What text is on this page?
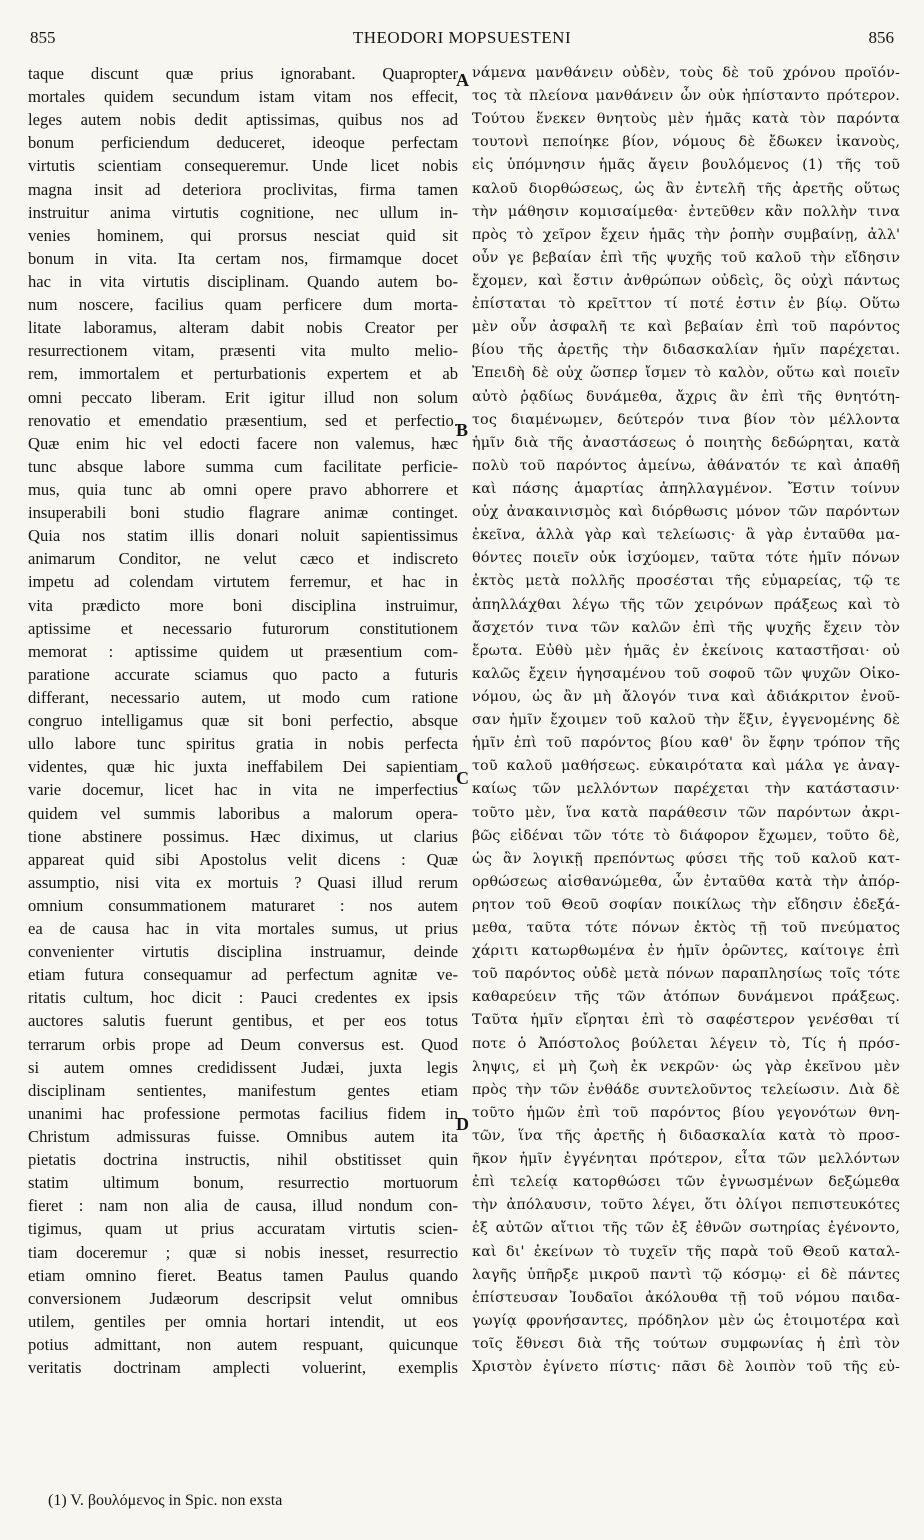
855	THEODORI MOPSUESTENI	856
taque discunt quæ prius ignorabant. Quapropter
mortales quidem secundum istam vitam nos effecit,
leges autem nobis dedit aptissimas, quibus nos ad
bonum perficiendum deduceret, ideoque perfectam
virtutis scientiam consequeremur. Unde licet nobis
magna insit ad deteriora proclivitas, firma tamen
instruitur anima virtutis cognitione, nec ullum in-
venies hominem, qui prorsus nesciat quid sit
bonum in vita. Ita certam nos, firmamque docet
hac in vita virtutis disciplinam. Quando autem bo-
num noscere, facilius quam perficere dum morta-
litate laboramus, alteram dabit nobis Creator per
resurrectionem vitam, præsenti vita multo melio-
rem, immortalem et perturbationis expertem et ab
omni peccato liberam. Erit igitur illud non solum
renovatio et emendatio præsentium, sed et perfectio.
Quæ enim hic vel edocti facere non valemus, hæc
tunc absque labore summa cum facilitate perficie-
mus, quia tunc ab omni opere pravo abhorrere et
insuperabili boni studio flagrare animæ continget.
Quia nos statim illis donari noluit sapientissimus
animarum Conditor, ne velut cæco et indiscreto
impetu ad colendam virtutem ferremur, et hac in
vita prædicto more boni disciplina instruimur,
aptissime et necessario futurorum constitutionem
memorat : aptissime quidem ut præsentium com-
paratione accurate sciamus quo pacto a futuris
differant, necessario autem, ut modo cum ratione
congruo intelligamus quæ sit boni perfectio, absque
ullo labore tunc spiritus gratia in nobis perfecta
videntes, quæ hic juxta ineffabilem Dei sapientiam
varie docemur, licet hac in vita ne imperfectius
quidem vel summis laboribus a malorum opera-
tione abstinere possimus. Hæc diximus, ut clarius
appareat quid sibi Apostolus velit dicens : Quæ
assumptio, nisi vita ex mortuis ? Quasi illud rerum
omnium consummationem maturaret : nos autem
ea de causa hac in vita mortales sumus, ut prius
convenienter virtutis disciplina instruamur, deinde
etiam futura consequamur ad perfectum agnitæ ve-
ritatis cultum, hoc dicit : Pauci credentes ex ipsis
auctores salutis fuerunt gentibus, et per eos totus
terrarum orbis prope ad Deum conversus est. Quod
si autem omnes credidissent Judæi, juxta legis
disciplinam sentientes, manifestum gentes etiam
unanimi hac professione permotas facilius fidem in
Christum admissuras fuisse. Omnibus autem ita
pietatis doctrina instructis, nihil obstitisset quin
statim ultimum bonum, resurrectio mortuorum
fieret : nam non alia de causa, illud nondum con-
tigimus, quam ut prius accuratam virtutis scien-
tiam doceremur ; quæ si nobis inesset, resurrectio
etiam omnino fieret. Beatus tamen Paulus quando
conversionem Judæorum descripsit velut omnibus
utilem, gentiles per omnia hortari intendit, ut eos
potius admittant, non autem respuant, quicunque
veritatis doctrinam amplecti voluerint, exemplis
νάμενα μανθάνειν οὐδὲν, τοὺς δὲ τοῦ χρόνου προϊόν-
τος τὰ πλείονα μανθάνειν ὧν οὐκ ἠπίσταντο πρότερον.
Τούτου ἕνεκεν θνητοὺς μὲν ἡμᾶς κατὰ τὸν παρόντα
τουτονὶ πεποίηκε βίον, νόμους δὲ ἔδωκεν ἱκανοὺς,
εἰς ὑπόμνησιν ἡμᾶς ἄγειν βουλόμενος (1) τῆς τοῦ
καλοῦ διορθώσεως, ὡς ἂν ἐντελῆ τῆς ἀρετῆς οὕτως
τὴν μάθησιν κομισαίμεθα· ἐντεῦθεν κἂν πολλὴν τινα
πρὸς τὸ χεῖρον ἔχειν ἡμᾶς τὴν ῥοπὴν συμβαίνῃ, ἀλλ'
οὖν γε βεβαίαν ἐπὶ τῆς ψυχῆς τοῦ καλοῦ τὴν εἴδησιν
ἔχομεν, καὶ ἔστιν ἀνθρώπων οὐδεὶς, ὃς οὐχὶ πάντως
ἐπίσταται τὸ κρεῖττον τί ποτέ ἐστιν ἐν βίῳ. Οὕτω
μὲν οὖν ἀσφαλῆ τε καὶ βεβαίαν ἐπὶ τοῦ παρόντος
βίου τῆς ἀρετῆς τὴν διδασκαλίαν ἡμῖν παρέχεται.
Ἐπειδὴ δὲ οὐχ ὥσπερ ἴσμεν τὸ καλὸν, οὕτω καὶ ποιεῖν
αὐτὸ ῥᾳδίως δυνάμεθα, ἄχρις ἂν ἐπὶ τῆς θνητότη-
τος διαμένωμεν, δεύτερόν τινα βίον τὸν μέλλοντα
ἡμῖν διὰ τῆς ἀναστάσεως ὁ ποιητὴς δεδώρηται, κατὰ
πολὺ τοῦ παρόντος ἀμείνω, ἀθάνατόν τε καὶ ἀπαθῆ
καὶ πάσης ἁμαρτίας ἀπηλλαγμένον. Ἔστιν τοίνυν
οὐχ ἀνακαινισμὸς καὶ διόρθωσις μόνον τῶν παρόντων
ἐκεῖνα, ἀλλὰ γὰρ καὶ τελείωσις· ἃ γὰρ ἐνταῦθα μα-
θόντες ποιεῖν οὐκ ἰσχύομεν, ταῦτα τότε ἡμῖν πόνων
ἐκτὸς μετὰ πολλῆς προσέσται τῆς εὐμαρείας, τῷ τε
ἀπηλλάχθαι λέγω τῆς τῶν χειρόνων πράξεως καὶ τὸ
ἄσχετόν τινα τῶν καλῶν ἐπὶ τῆς ψυχῆς ἔχειν τὸν
ἔρωτα. Εὐθὺ μὲν ἡμᾶς ἐν ἐκείνοις καταστῆσαι· οὐ
καλῶς ἔχειν ἡγησαμένου τοῦ σοφοῦ τῶν ψυχῶν Οἰκο-
νόμου, ὡς ἂν μὴ ἄλογόν τινα καὶ ἀδιάκριτον ἐνοῦ-
σαν ἡμῖν ἔχοιμεν τοῦ καλοῦ τὴν ἕξιν, ἐγγενομένης δὲ
ἡμῖν ἐπὶ τοῦ παρόντος βίου καθ' ὃν ἔφην τρόπον τῆς
τοῦ καλοῦ μαθήσεως. εὐκαιρότατα καὶ μάλα γε ἀναγ-
καίως τῶν μελλόντων παρέχεται τὴν κατάστασιν·
τοῦτο μὲν, ἵνα κατὰ παράθεσιν τῶν παρόντων ἀκρι-
βῶς εἰδέναι τῶν τότε τὸ διάφορον ἔχωμεν, τοῦτο δὲ,
ὡς ἂν λογικῇ πρεπόντως φύσει τῆς τοῦ καλοῦ κατ-
ορθώσεως αἰσθανώμεθα, ὧν ἐνταῦθα κατὰ τὴν ἀπόρ-
ρητον τοῦ Θεοῦ σοφίαν ποικίλως τὴν εἴδησιν ἐδεξά-
μεθα, ταῦτα τότε πόνων ἐκτὸς τῇ τοῦ πνεύματος
χάριτι κατωρθωμένα ἐν ἡμῖν ὁρῶντες, καίτοιγε ἐπὶ
τοῦ παρόντος οὐδὲ μετὰ πόνων παραπλησίως τοῖς τότε
καθαρεύειν τῆς τῶν ἀτόπων δυνάμενοι πράξεως.
Ταῦτα ἡμῖν εἴρηται ἐπὶ τὸ σαφέστερον γενέσθαι τί
ποτε ὁ Ἀπόστολος βούλεται λέγειν τὸ, Τίς ἡ πρόσ-
ληψις, εἰ μὴ ζωὴ ἐκ νεκρῶν· ὡς γὰρ ἐκεῖνου μὲν
πρὸς τὴν τῶν ἐνθάδε συντελοῦντος τελείωσιν. Διὰ δὲ
τοῦτο ἡμῶν ἐπὶ τοῦ παρόντος βίου γεγονότων θνη-
τῶν, ἵνα τῆς ἀρετῆς ἡ διδασκαλία κατὰ τὸ προσ-
ῆκον ἡμῖν ἐγγένηται πρότερον, εἶτα τῶν μελλόντων
ἐπὶ τελείᾳ κατορθώσει τῶν ἐγνωσμένων δεξώμεθα
τὴν ἀπόλαυσιν, τοῦτο λέγει, ὅτι ὀλίγοι πεπιστευκότες
ἐξ αὐτῶν αἴτιοι τῆς τῶν ἐξ ἐθνῶν σωτηρίας ἐγένοντο,
καὶ δι' ἐκείνων τὸ τυχεῖν τῆς παρὰ τοῦ Θεοῦ καταλ-
λαγῆς ὑπῆρξε μικροῦ παντὶ τῷ κόσμῳ· εἰ δὲ πάντες
ἐπίστευσαν Ἰουδαῖοι ἀκόλουθα τῇ τοῦ νόμου παιδα-
γωγίᾳ φρονήσαντες, πρόδηλον μὲν ὡς ἑτοιμοτέρα καὶ
τοῖς ἔθνεσι διὰ τῆς τούτων συμφωνίας ἡ ἐπὶ τὸν
Χριστὸν ἐγίνετο πίστις· πᾶσι δὲ λοιπὸν τοῦ τῆς εὐ-
A
B
C
D
(1) V. βουλόμενος in Spic. non exsta
